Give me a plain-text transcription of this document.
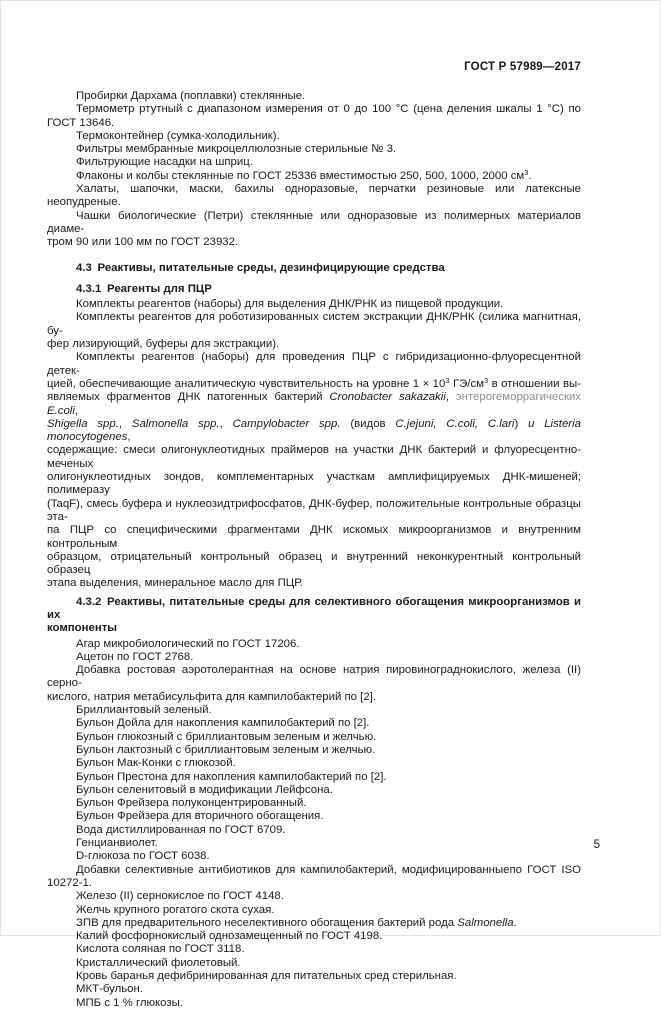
ГОСТ Р 57989—2017
Пробирки Дархама (поплавки) стеклянные.
Термометр ртутный с диапазоном измерения от 0 до 100 °С (цена деления шкалы 1 °С) по
ГОСТ 13646.
Термоконтейнер (сумка-холодильник).
Фильтры мембранные микроцеллюлозные стерильные № 3.
Фильтрующие насадки на шприц.
Флаконы и колбы стеклянные по ГОСТ 25336 вместимостью 250, 500, 1000, 2000 $см^3$.
Халаты, шапочки, маски, бахилы одноразовые, перчатки резиновые или латексные неопудреные.
Чашки биологические (Петри) стеклянные или одноразовые из полимерных материалов диаме-
тром 90 или 100 мм по ГОСТ 23932.
4.3 Реактивы, питательные среды, дезинфицирующие средства
4.3.1 Реагенты для ПЦР
Комплекты реагентов (наборы) для выделения ДНК/РНК из пищевой продукции.
Комплекты реагентов для роботизированных систем экстракции ДНК/РНК (силика магнитная, бу-
фер лизирующий, буферы для экстракции).
Комплекты реагентов (наборы) для проведения ПЦР с гибридизационно-флуоресцентной детек-
цией, обеспечивающие аналитическую чувствительность на уровне $1 \times 10^3$ $ГЭ/см^3$ в отношении вы-
являемых фрагментов ДНК патогенных бактерий Cronobacter sakazakii, энтерогеморрагических E.coli,
Shigella spp., Salmonella spp., Campylobacter spp. (видов C.jejuni, C.coli, C.lari) и Listeria monocytogenes,
содержащие: смеси олигонуклеотидных праймеров на участки ДНК бактерий и флуоресцентно-меченых
олигонуклеотидных зондов, комплементарных участкам амплифицируемых ДНК-мишеней; полимеразу
(TaqF), смесь буфера и нуклеозидтрифосфатов, ДНК-буфер, положительные контрольные образцы эта-
па ПЦР со специфическими фрагментами ДНК искомых микроорганизмов и внутренним контрольным
образцом, отрицательный контрольный образец и внутренний неконкурентный контрольный образец
этапа выделения, минеральное масло для ПЦР.
4.3.2 Реактивы, питательные среды для селективного обогащения микроорганизмов и их
компоненты
Агар микробиологический по ГОСТ 17206.
Ацетон по ГОСТ 2768.
Добавка ростовая аэротолерантная на основе натрия пировинограднокислого, железа (II) серно-
кислого, натрия метабисульфита для кампилобактерий по [2].
Бриллиантовый зеленый.
Бульон Дойла для накопления кампилобактерий по [2].
Бульон глюкозный с бриллиантовым зеленым и желчью.
Бульон лактозный с бриллиантовым зеленым и желчью.
Бульон Мак-Конки с глюкозой.
Бульон Престона для накопления кампилобактерий по [2].
Бульон селенитовый в модификации Лейфсона.
Бульон Фрейзера полуконцентрированный.
Бульон Фрейзера для вторичного обогащения.
Вода дистиллированная по ГОСТ 6709.
Генцианвиолет.
D-глюкоза по ГОСТ 6038.
Добавки селективные антибиотиков для кампилобактерий, модифицированныепо ГОСТ ISO
10272-1.
Железо (II) сернокислое по ГОСТ 4148.
Желчь крупного рогатого скота сухая.
ЗПВ для предварительного неселективного обогащения бактерий рода Salmonella.
Калий фосфорнокислый однозамещенный по ГОСТ 4198.
Кислота соляная по ГОСТ 3118.
Кристаллический фиолетовый.
Кровь баранья дефибринированная для питательных сред стерильная.
МКТ-бульон.
МПБ с 1 % глюкозы.
5
